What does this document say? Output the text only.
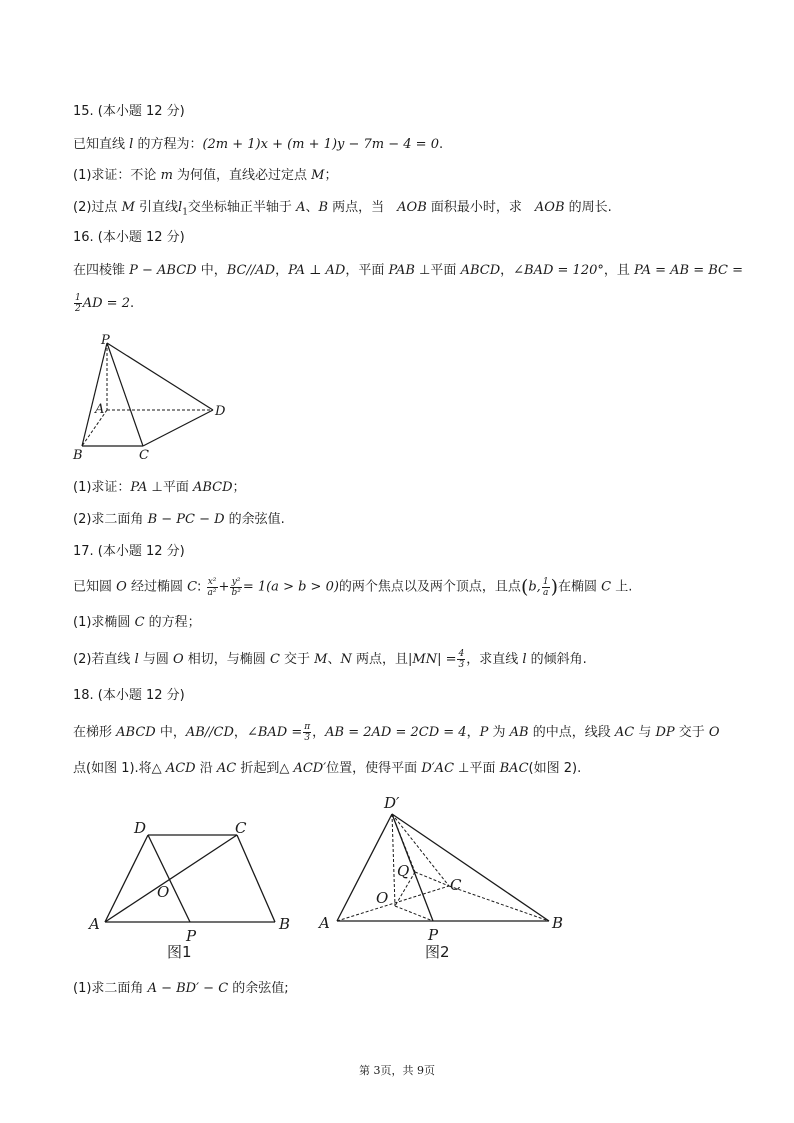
15. (本小题 12 分)
已知直线 l 的方程为：(2m + 1)x + (m + 1)y − 7m − 4 = 0.
(1)求证：不论 m 为何值，直线必过定点 M；
(2)过点 M 引直线$l_1$交坐标轴正半轴于 A、B 两点，当　AOB 面积最小时，求　AOB 的周长.
16. (本小题 12 分)
在四棱锥 P − ABCD 中，BC//AD，PA ⊥ AD，平面 PAB ⊥平面 ABCD，∠BAD = 120°，且 PA = AB = BC =
$\frac{1}{2}$ AD = 2.
P
A	D
B	C
(1)求证：PA ⊥平面 ABCD；
(2)求二面角 B − PC − D 的余弦值.
17. (本小题 12 分)
已知圆 O 经过椭圆 C: $\frac{\text{x²}}{\text{a²}} + \frac{\text{y²}}{\text{b²}} = 1(a > b > 0)$的两个焦点以及两个顶点，且点(b, $\frac{1}{a}$ )在椭圆 C 上.
(1)求椭圆 C 的方程；
(2)若直线 l 与圆 O 相切，与椭圆 C 交于 M、N 两点，且$|MN| = \frac{4}{3}$ ，求直线 l 的倾斜角.
18. (本小题 12 分)
在梯形 ABCD 中，AB//CD，∠BAD = $\frac{\pi}{3}$ ，AB = 2AD = 2CD = 4，P 为 AB 的中点，线段 AC 与 DP 交于 O
点(如图 1).将△ ACD 沿 AC 折起到△ ACD′位置，使得平面 D′AC ⊥平面 BAC(如图 2).
D	C
O
A
P
B
图1
D′
Q
C
O
A
P
B
图2
(1)求二面角 A − BD′ − C 的余弦值;
第 3页，共 9页
